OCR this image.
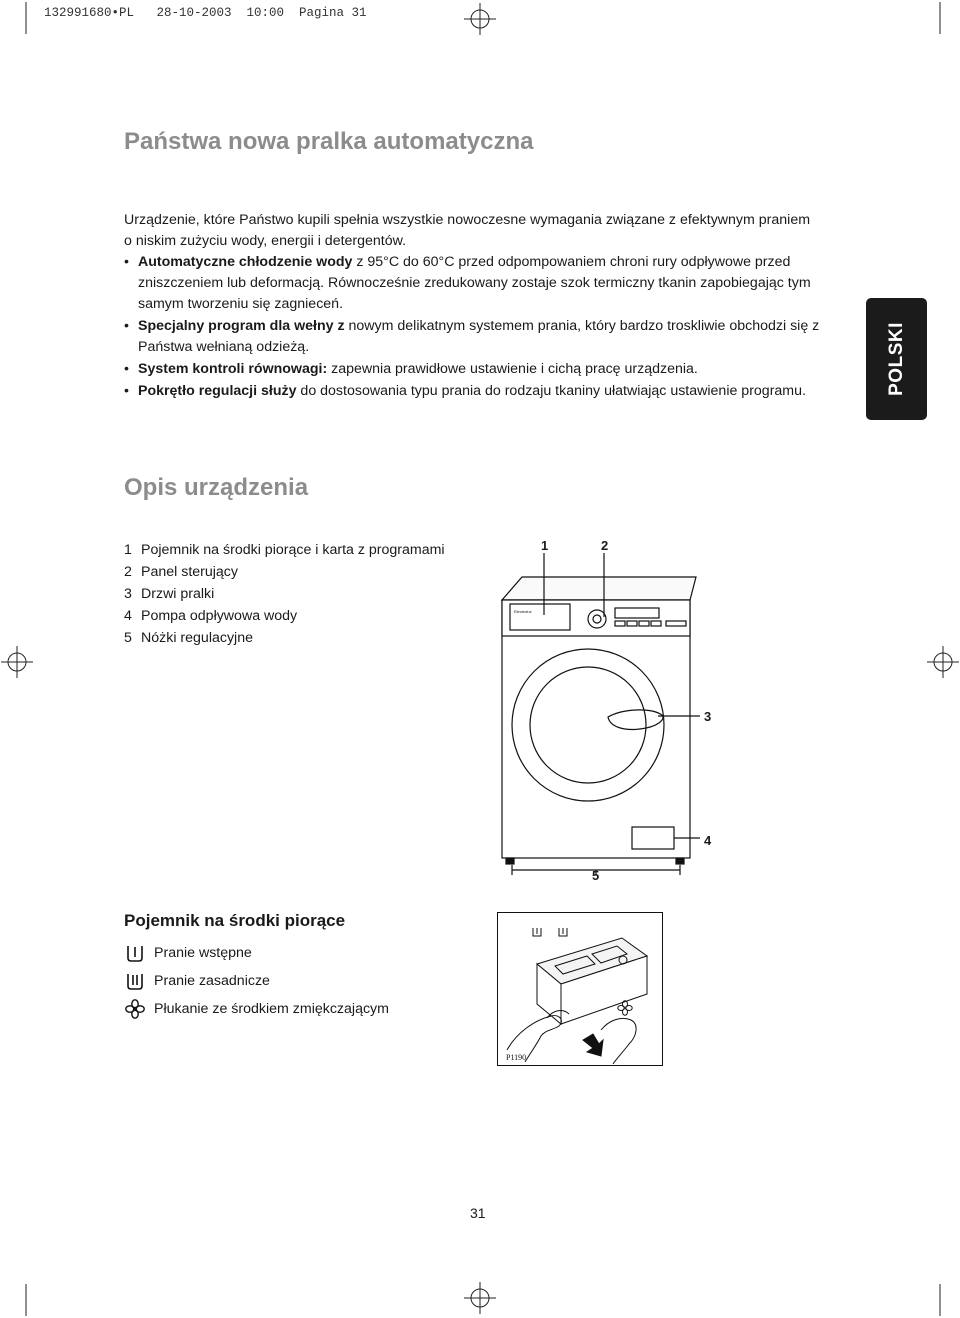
132991680•PL   28-10-2003  10:00  Pagina 31
Państwa nowa pralka automatyczna
Urządzenie, które Państwo kupili spełnia wszystkie nowoczesne wymagania związane z efektywnym praniem
o niskim zużyciu wody, energii i detergentów.
• Automatyczne chłodzenie wody z 95°C do 60°C przed odpompowaniem chroni rury odpływowe przed zniszczeniem lub deformacją. Równocześnie zredukowany zostaje szok termiczny tkanin zapobiegając tym samym tworzeniu się zagnieceń.
• Specjalny program dla wełny z nowym delikatnym systemem prania, który bardzo troskliwie obchodzi się z Państwa wełnianą odzieżą.
• System kontroli równowagi: zapewnia prawidłowe ustawienie i cichą pracę urządzenia.
• Pokrętło regulacji służy do dostosowania typu prania do rodzaju tkaniny ułatwiając ustawienie programu.	POLSKI
Opis urządzenia
1 Pojemnik na środki piorące i karta z programami
2 Panel sterujący
3 Drzwi pralki
4 Pompa odpływowa wody
5 Nóżki regulacyjne
Electrolux
1	2
3
4
5
Pojemnik na środki piorące
Pranie wstępne
Pranie zasadnicze
Płukanie ze środkiem zmiękczającym
P1190
31
